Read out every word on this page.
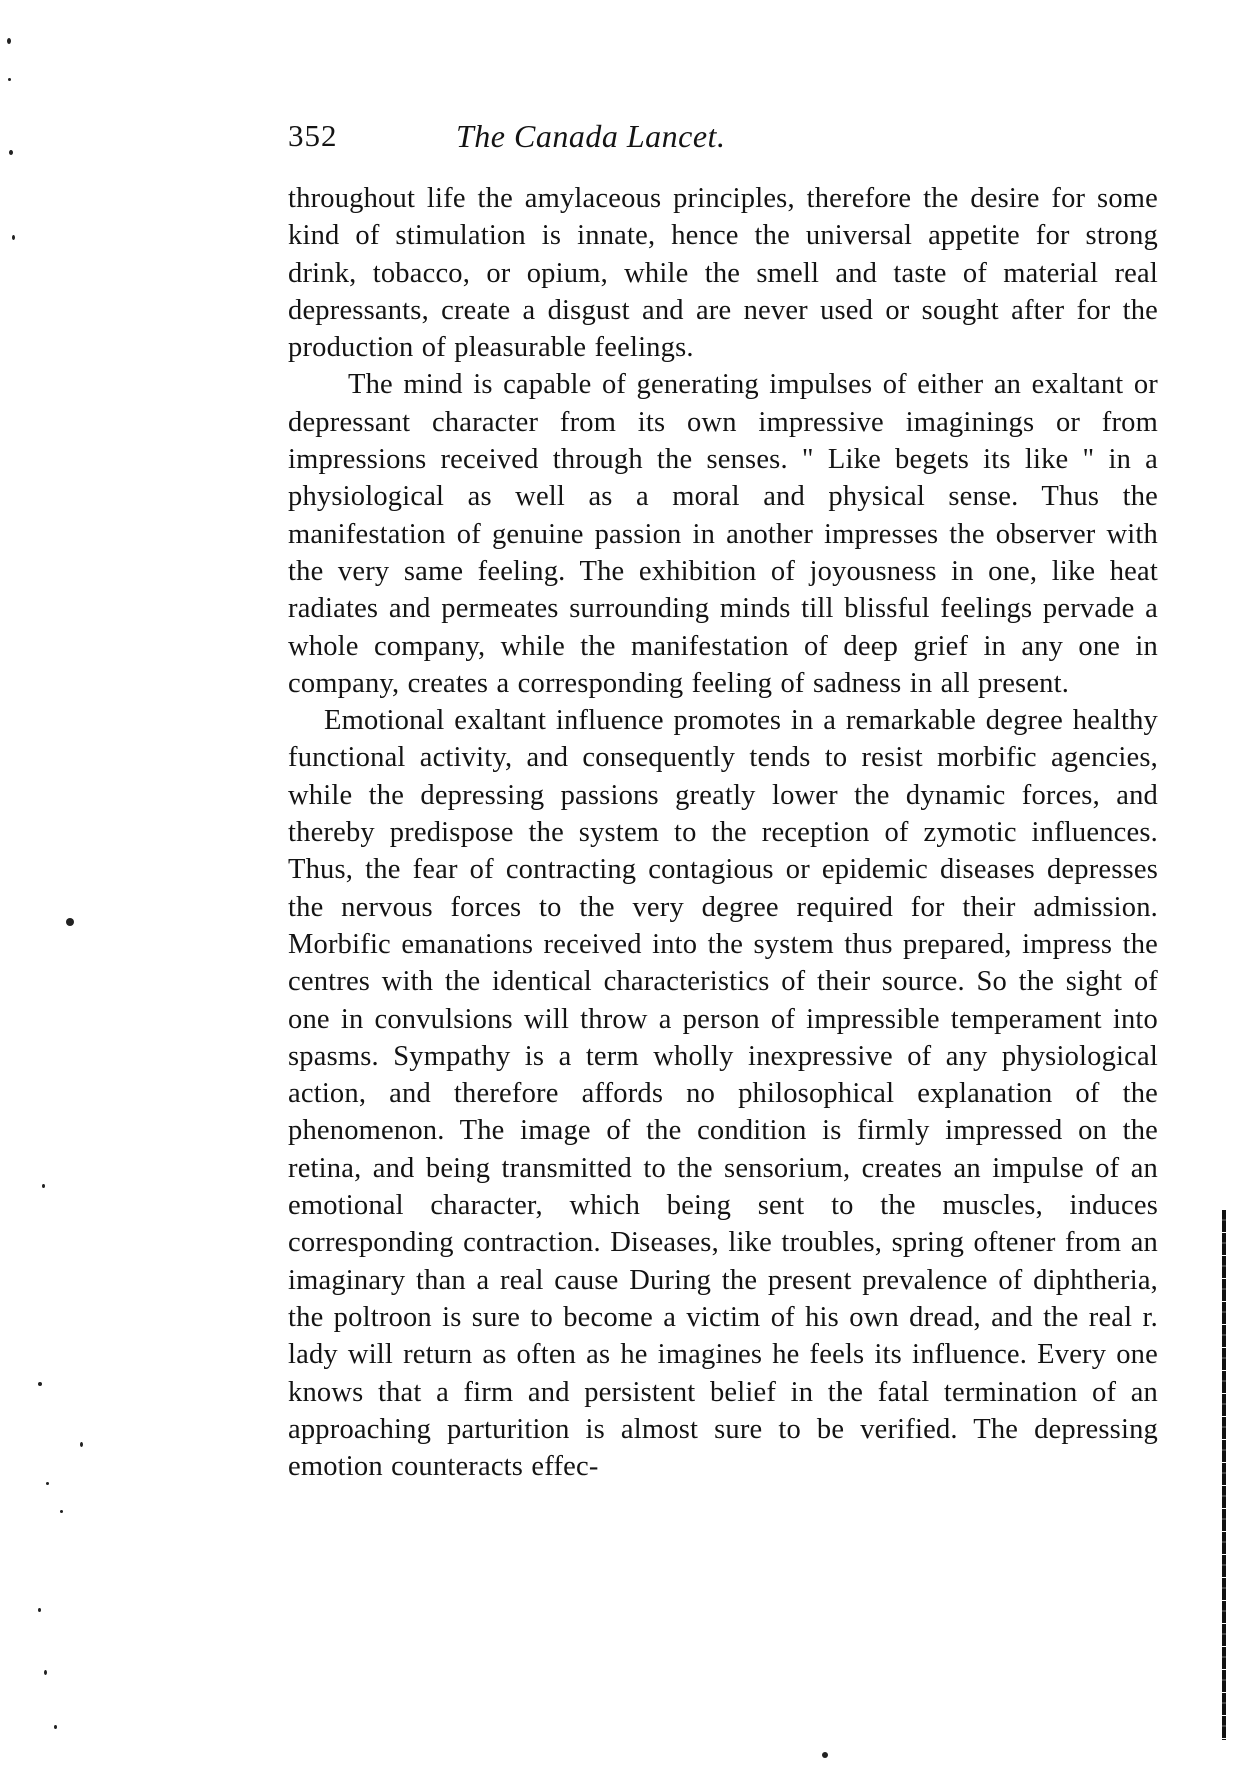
352	The Canada Lancet.

throughout life the amylaceous principles, therefore the desire for some kind of stimulation is innate, hence the universal appetite for strong drink, tobacco, or opium, while the smell and taste of material real depressants, create a disgust and are never used or sought after for the production of pleasurable feelings.

The mind is capable of generating impulses of either an exaltant or depressant character from its own impressive imaginings or from impressions received through the senses. " Like begets its like " in a physiological as well as a moral and physical sense. Thus the manifestation of genuine passion in another impresses the observer with the very same feeling. The exhibition of joyousness in one, like heat radiates and permeates surrounding minds till blissful feelings pervade a whole company, while the manifestation of deep grief in any one in company, creates a corresponding feeling of sadness in all present.

Emotional exaltant influence promotes in a remarkable degree healthy functional activity, and consequently tends to resist morbific agencies, while the depressing passions greatly lower the dynamic forces, and thereby predispose the system to the reception of zymotic influences. Thus, the fear of contracting contagious or epidemic diseases depresses the nervous forces to the very degree required for their admission. Morbific emanations received into the system thus prepared, impress the centres with the identical characteristics of their source. So the sight of one in convulsions will throw a person of impressible temperament into spasms. Sympathy is a term wholly inexpressive of any physiological action, and therefore affords no philosophical explanation of the phenomenon. The image of the condition is firmly impressed on the retina, and being transmitted to the sensorium, creates an impulse of an emotional character, which being sent to the muscles, induces corresponding contraction. Diseases, like troubles, spring oftener from an imaginary than a real cause During the present prevalence of diphtheria, the poltroon is sure to become a victim of his own dread, and the real r. lady will return as often as he imagines he feels its influence. Every one knows that a firm and persistent belief in the fatal termination of an approaching parturition is almost sure to be verified. The depressing emotion counteracts effec-
